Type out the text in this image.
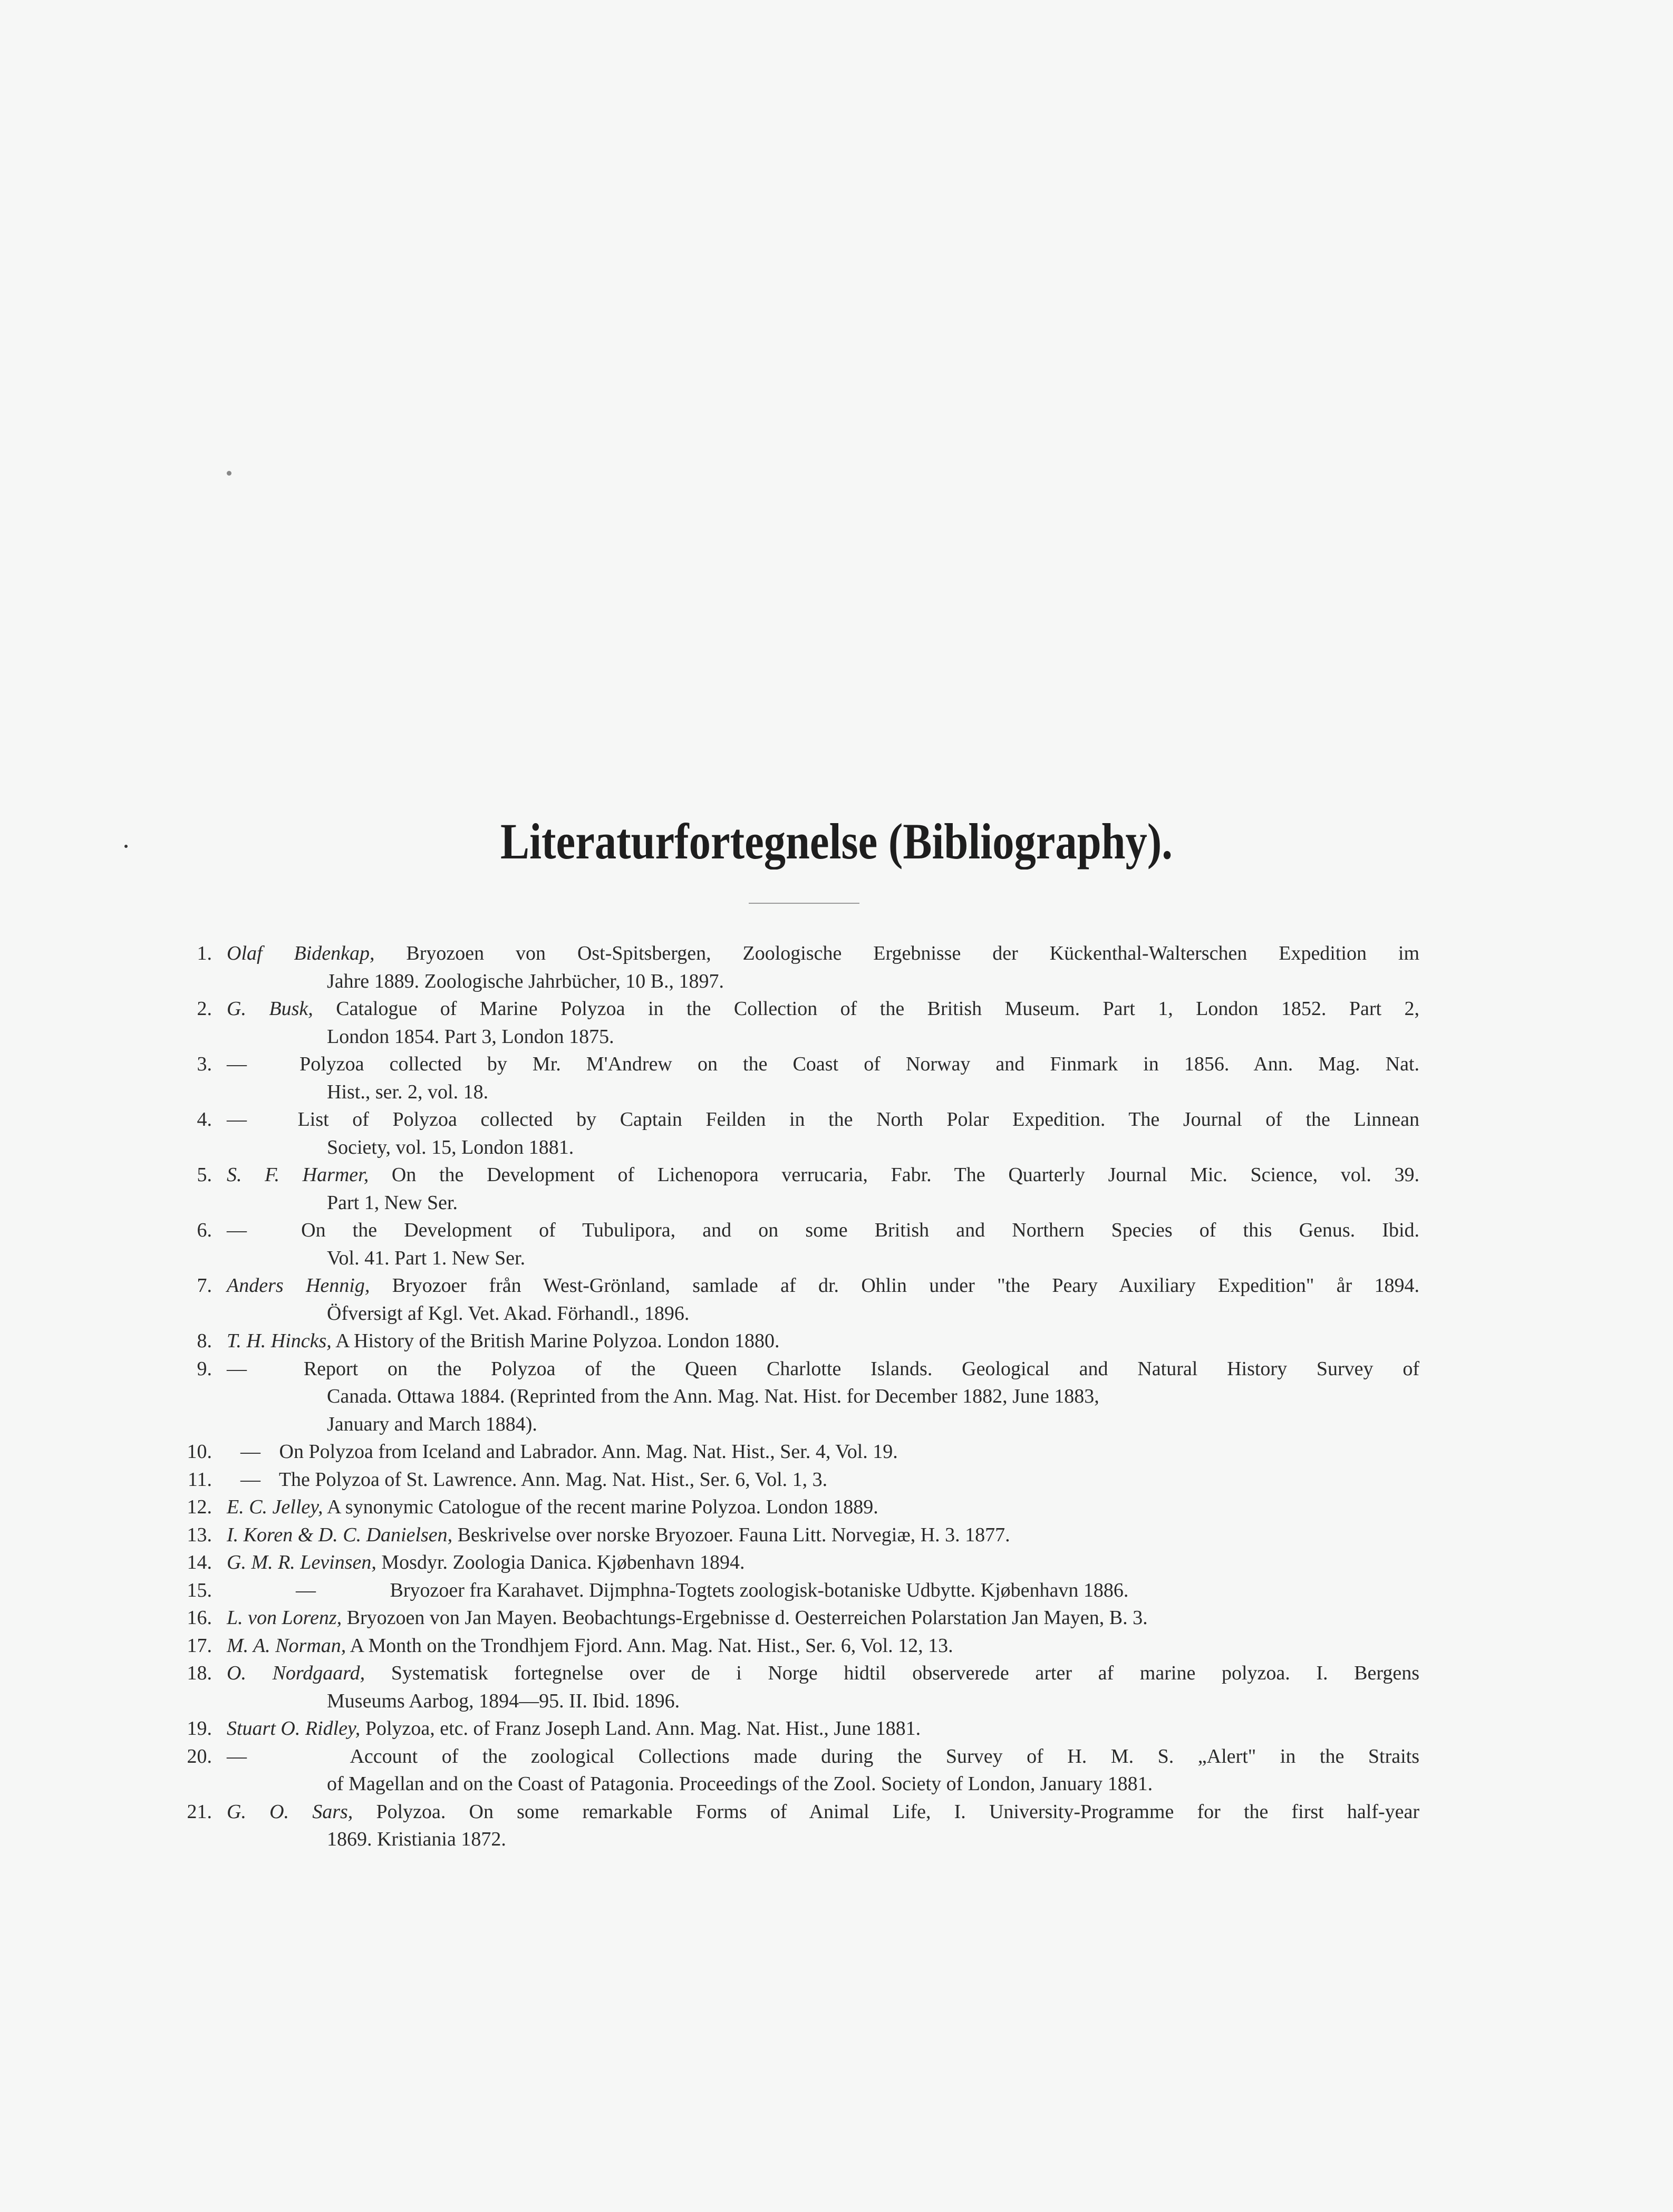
Literaturfortegnelse (Bibliography).
1. Olaf Bidenkap, Bryozoen von Ost-Spitsbergen, Zoologische Ergebnisse der Kückenthal-Walterschen Expedition im
Jahre 1889. Zoologische Jahrbücher, 10 B., 1897.
2. G. Busk, Catalogue of Marine Polyzoa in the Collection of the British Museum. Part 1, London 1852. Part 2,
London 1854. Part 3, London 1875.
3. —	Polyzoa collected by Mr. M'Andrew on the Coast of Norway and Finmark in 1856. Ann. Mag. Nat.
Hist., ser. 2, vol. 18.
4. —	List of Polyzoa collected by Captain Feilden in the North Polar Expedition. The Journal of the Linnean
Society, vol. 15, London 1881.
5. S. F. Harmer, On the Development of Lichenopora verrucaria, Fabr. The Quarterly Journal Mic. Science, vol. 39.
Part 1, New Ser.
6. —	On the Development of Tubulipora, and on some British and Northern Species of this Genus. Ibid.
Vol. 41. Part 1. New Ser.
7. Anders Hennig, Bryozoer från West-Grönland, samlade af dr. Ohlin under "the Peary Auxiliary Expedition" år 1894.
Öfversigt af Kgl. Vet. Akad. Förhandl., 1896.
8. T. H. Hincks, A History of the British Marine Polyzoa. London 1880.
9. —	Report on the Polyzoa of the Queen Charlotte Islands. Geological and Natural History Survey of
Canada. Ottawa 1884. (Reprinted from the Ann. Mag. Nat. Hist. for December 1882, June 1883,
January and March 1884).
10.	— On Polyzoa from Iceland and Labrador. Ann. Mag. Nat. Hist., Ser. 4, Vol. 19.
11.	— The Polyzoa of St. Lawrence. Ann. Mag. Nat. Hist., Ser. 6, Vol. 1, 3.
12. E. C. Jelley, A synonymic Catologue of the recent marine Polyzoa. London 1889.
13. I. Koren & D. C. Danielsen, Beskrivelse over norske Bryozoer. Fauna Litt. Norvegiæ, H. 3. 1877.
14. G. M. R. Levinsen, Mosdyr. Zoologia Danica. Kjøbenhavn 1894.
15.	—	Bryozoer fra Karahavet. Dijmphna-Togtets zoologisk-botaniske Udbytte. Kjøbenhavn 1886.
16. L. von Lorenz, Bryozoen von Jan Mayen. Beobachtungs-Ergebnisse d. Oesterreichen Polarstation Jan Mayen, B. 3.
17. M. A. Norman, A Month on the Trondhjem Fjord. Ann. Mag. Nat. Hist., Ser. 6, Vol. 12, 13.
18. O. Nordgaard, Systematisk fortegnelse over de i Norge hidtil observerede arter af marine polyzoa. I. Bergens
Museums Aarbog, 1894—95. II. Ibid. 1896.
19. Stuart O. Ridley, Polyzoa, etc. of Franz Joseph Land. Ann. Mag. Nat. Hist., June 1881.
20. —	Account of the zoological Collections made during the Survey of H. M. S. „Alert" in the Straits
of Magellan and on the Coast of Patagonia. Proceedings of the Zool. Society of London, January 1881.
21. G. O. Sars, Polyzoa. On some remarkable Forms of Animal Life, I. University-Programme for the first half-year
1869. Kristiania 1872.
